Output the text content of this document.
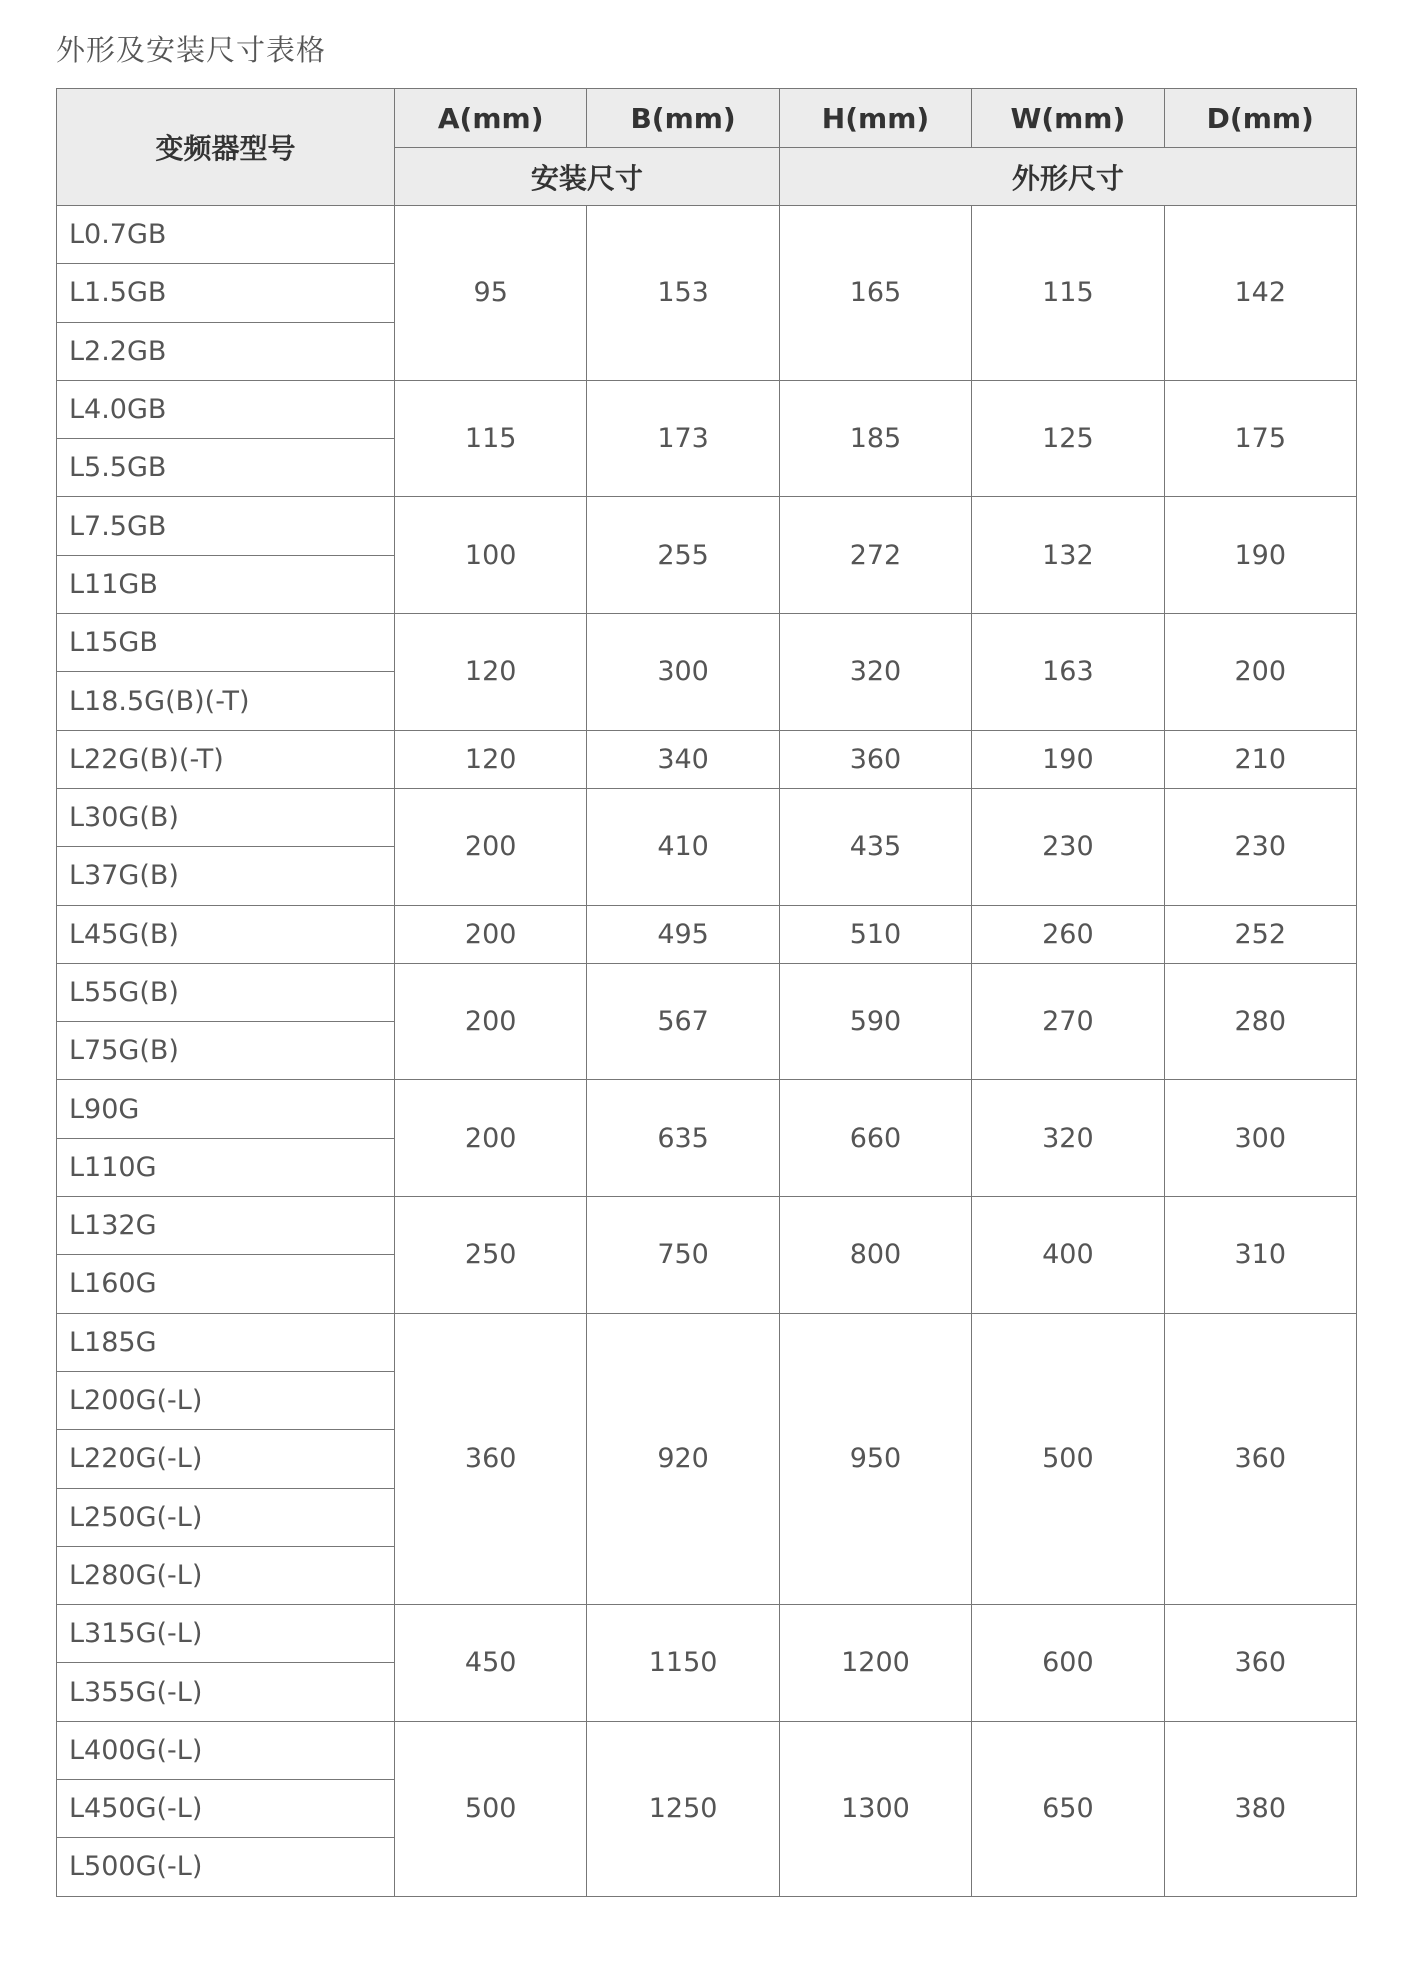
外形及安装尺寸表格
变频器型号	A(mm)	B(mm)	H(mm)	W(mm)	D(mm)
	安装尺寸		外形尺寸		
L0.7GB	95	153	165	115	142
L1.5GB					
L2.2GB					
L4.0GB	115	173	185	125	175
L5.5GB					
L7.5GB	100	255	272	132	190
L11GB					
L15GB	120	300	320	163	200
L18.5G(B)(-T)					
L22G(B)(-T)	120	340	360	190	210
L30G(B)	200	410	435	230	230
L37G(B)					
L45G(B)	200	495	510	260	252
L55G(B)	200	567	590	270	280
L75G(B)					
L90G	200	635	660	320	300
L110G					
L132G	250	750	800	400	310
L160G					
L185G	360	920	950	500	360
L200G(-L)					
L220G(-L)					
L250G(-L)					
L280G(-L)					
L315G(-L)	450	1150	1200	600	360
L355G(-L)					
L400G(-L)	500	1250	1300	650	380
L450G(-L)					
L500G(-L)					
